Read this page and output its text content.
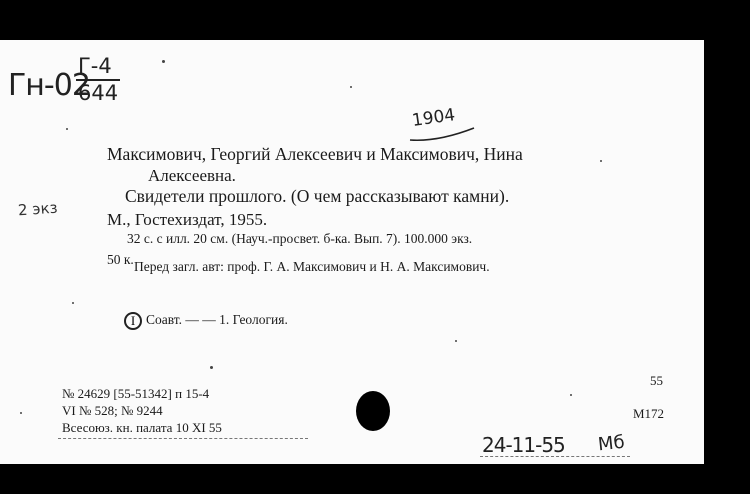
Гн-02
Г-4
644
1904
2 экз
Максимович, Георгий Алексеевич и Максимович, Нина
Алексеевна.
Свидетели прошлого. (О чем рассказывают камни).
М., Гостехиздат, 1955.
32 с. с илл. 20 см. (Науч.-просвет. б-ка. Вып. 7). 100.000 экз.
50 к. Перед загл. авт: проф. Г. А. Максимович и Н. А. Максимович.
I Соавт. — — 1. Геология.
№ 24629 [55-51342] п 15-4
VI № 528; № 9244
Всесоюз. кн. палата 10 XI 55
55
M172
24-11-55 Мб
